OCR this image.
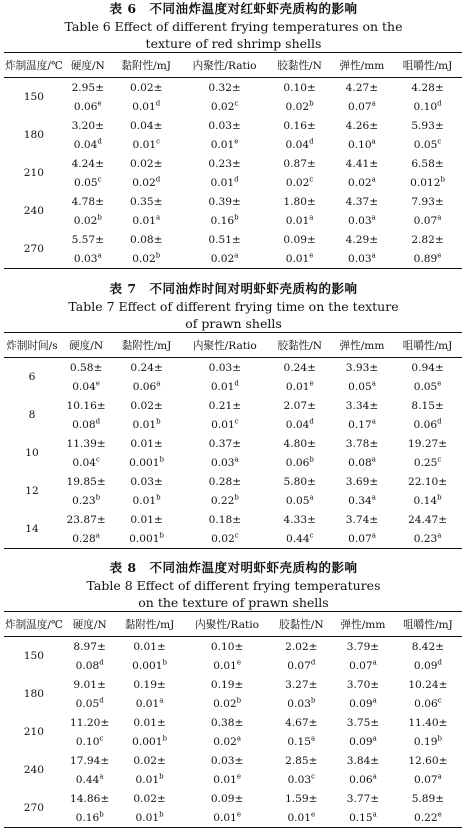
表 6　不同油炸温度对红虾虾壳质构的影响
Table 6 Effect of different frying temperatures on the
texture of red shrimp shells
炸制温度/℃	硬度/N	黏附性/mJ	内聚性/Ratio	胶黏性/N	弹性/mm	咀嚼性/mJ
150	2.95±	0.02±	0.32±	0.10±	4.27±	4.28±
	0.06e	0.01$^d$	0.02$^c$	0.02$^b$	0.07$^a$	0.10$^d$
180	3.20±	0.04±	0.03±	0.16±	4.26±	5.93±
	0.04$^d$	0.01$^c$	0.01e	0.04$^d$	0.10$^a$	0.05$^c$
210	4.24±	0.02±	0.23±	0.87±	4.41±	6.58±
	0.05$^c$	0.02$^d$	0.01$^d$	0.02$^c$	0.02$^a$	0.012$^b$
240	4.78±	0.35±	0.39±	1.80±	4.37±	7.93±
	0.02$^b$	0.01$^a$	0.16$^b$	0.01$^a$	0.03$^a$	0.07$^a$
270	5.57±	0.08±	0.51±	0.09±	4.29±	2.82±
	0.03$^a$	0.02$^b$	0.02$^a$	0.01e	0.03$^a$	0.89e
表 7　不同油炸时间对明虾虾壳质构的影响
Table 7 Effect of different frying time on the texture
of prawn shells
炸制时间/s	硬度/N	黏附性/mJ	内聚性/Ratio	胶黏性/N	弹性/mm	咀嚼性/mJ
6	0.58±	0.24±	0.03±	0.24±	3.93±	0.94±
	0.04e	0.06$^a$	0.01$^d$	0.01e	0.05$^a$	0.05e
8	10.16±	0.02±	0.21±	2.07±	3.34±	8.15±
	0.08$^d$	0.01$^b$	0.01$^c$	0.04$^d$	0.17$^a$	0.06$^d$
10	11.39±	0.01±	0.37±	4.80±	3.78±	19.27±
	0.04$^c$	0.001$^b$	0.03$^a$	0.06$^b$	0.08$^a$	0.25$^c$
12	19.85±	0.03±	0.28±	5.80±	3.69±	22.10±
	0.23$^b$	0.01$^b$	0.22$^b$	0.05$^a$	0.34$^a$	0.14$^b$
14	23.87±	0.01±	0.18±	4.33±	3.74±	24.47±
	0.28$^a$	0.001$^b$	0.02$^c$	0.44$^c$	0.07$^a$	0.23$^a$
表 8　不同油炸温度对明虾虾壳质构的影响
Table 8 Effect of different frying temperatures
on the texture of prawn shells
炸制温度/℃	硬度/N	黏附性/mJ	内聚性/Ratio	胶黏性/N	弹性/mm	咀嚼性/mJ
150	8.97±	0.01±	0.10±	2.02±	3.79±	8.42±
	0.08$^d$	0.001$^b$	0.01e	0.07$^d$	0.07$^a$	0.09$^d$
180	9.01±	0.19±	0.19±	3.27±	3.70±	10.24±
	0.05$^d$	0.01$^a$	0.02$^b$	0.03$^b$	0.09$^a$	0.06$^c$
210	11.20±	0.01±	0.38±	4.67±	3.75±	11.40±
	0.10$^c$	0.001$^b$	0.02$^a$	0.15$^a$	0.09$^a$	0.19$^b$
240	17.94±	0.02±	0.03±	2.85±	3.84±	12.60±
	0.44$^a$	0.01$^b$	0.01e	0.03$^c$	0.06$^a$	0.07$^a$
270	14.86±	0.02±	0.09±	1.59±	3.77±	5.89±
	0.16$^b$	0.01$^b$	0.01e	0.01e	0.15$^a$	0.22e
